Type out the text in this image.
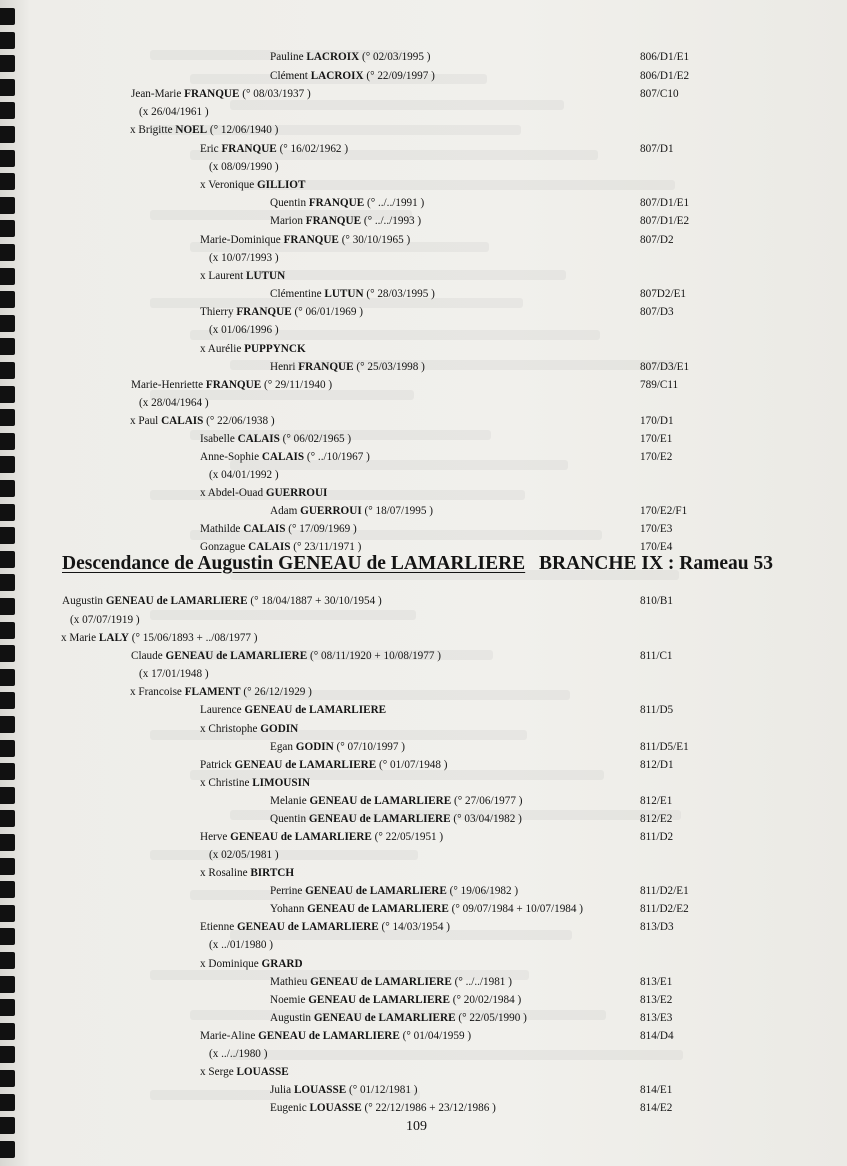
Pauline LACROIX (° 02/03/1995 )	806/D1/E1
Clément LACROIX (° 22/09/1997 )	806/D1/E2
Jean-Marie FRANQUE (° 08/03/1937 )	807/C10
(x 26/04/1961 )
x Brigitte NOEL (° 12/06/1940 )
Eric FRANQUE (° 16/02/1962 )	807/D1
(x 08/09/1990 )
x Veronique GILLIOT
Quentin FRANQUE (° ../../1991 )	807/D1/E1
Marion FRANQUE (° ../../1993 )	807/D1/E2
Marie-Dominique FRANQUE (° 30/10/1965 )	807/D2
(x 10/07/1993 )
x Laurent LUTUN
Clémentine LUTUN (° 28/03/1995 )	807D2/E1
Thierry FRANQUE (° 06/01/1969 )	807/D3
(x 01/06/1996 )
x Aurélie PUPPYNCK
Henri FRANQUE (° 25/03/1998 )	807/D3/E1
Marie-Henriette FRANQUE (° 29/11/1940 )	789/C11
(x 28/04/1964 )
x Paul CALAIS (° 22/06/1938 )	170/D1
Isabelle CALAIS (° 06/02/1965 )	170/E1
Anne-Sophie CALAIS (° ../10/1967 )	170/E2
(x 04/01/1992 )
x Abdel-Ouad GUERROUI
Adam GUERROUI (° 18/07/1995 )	170/E2/F1
Mathilde CALAIS (° 17/09/1969 )	170/E3
Gonzague CALAIS (° 23/11/1971 )	170/E4
Augustin GENEAU de LAMARLIERE (° 18/04/1887 + 30/10/1954 )	810/B1
(x 07/07/1919 )
x Marie LALY (° 15/06/1893 + ../08/1977 )
Claude GENEAU de LAMARLIERE (° 08/11/1920 + 10/08/1977 )	811/C1
(x 17/01/1948 )
x Francoise FLAMENT (° 26/12/1929 )
Laurence GENEAU de LAMARLIERE	811/D5
x Christophe GODIN
Egan GODIN (° 07/10/1997 )	811/D5/E1
Patrick GENEAU de LAMARLIERE (° 01/07/1948 )	812/D1
x Christine LIMOUSIN
Melanie GENEAU de LAMARLIERE (° 27/06/1977 )	812/E1
Quentin GENEAU de LAMARLIERE (° 03/04/1982 )	812/E2
Herve GENEAU de LAMARLIERE (° 22/05/1951 )	811/D2
(x 02/05/1981 )
x Rosaline BIRTCH
Perrine GENEAU de LAMARLIERE (° 19/06/1982 )	811/D2/E1
Yohann GENEAU de LAMARLIERE (° 09/07/1984 + 10/07/1984 )	811/D2/E2
Etienne GENEAU de LAMARLIERE (° 14/03/1954 )	813/D3
(x ../01/1980 )
x Dominique GRARD
Mathieu GENEAU de LAMARLIERE (° ../../1981 )	813/E1
Noemie GENEAU de LAMARLIERE (° 20/02/1984 )	813/E2
Augustin GENEAU de LAMARLIERE (° 22/05/1990 )	813/E3
Marie-Aline GENEAU de LAMARLIERE (° 01/04/1959 )	814/D4
(x ../../1980 )
x Serge LOUASSE
Julia LOUASSE (° 01/12/1981 )	814/E1
Eugenic LOUASSE (° 22/12/1986 + 23/12/1986 )	814/E2
Descendance de Augustin GENEAU de LAMARLIERE BRANCHE IX : Rameau 53
109
